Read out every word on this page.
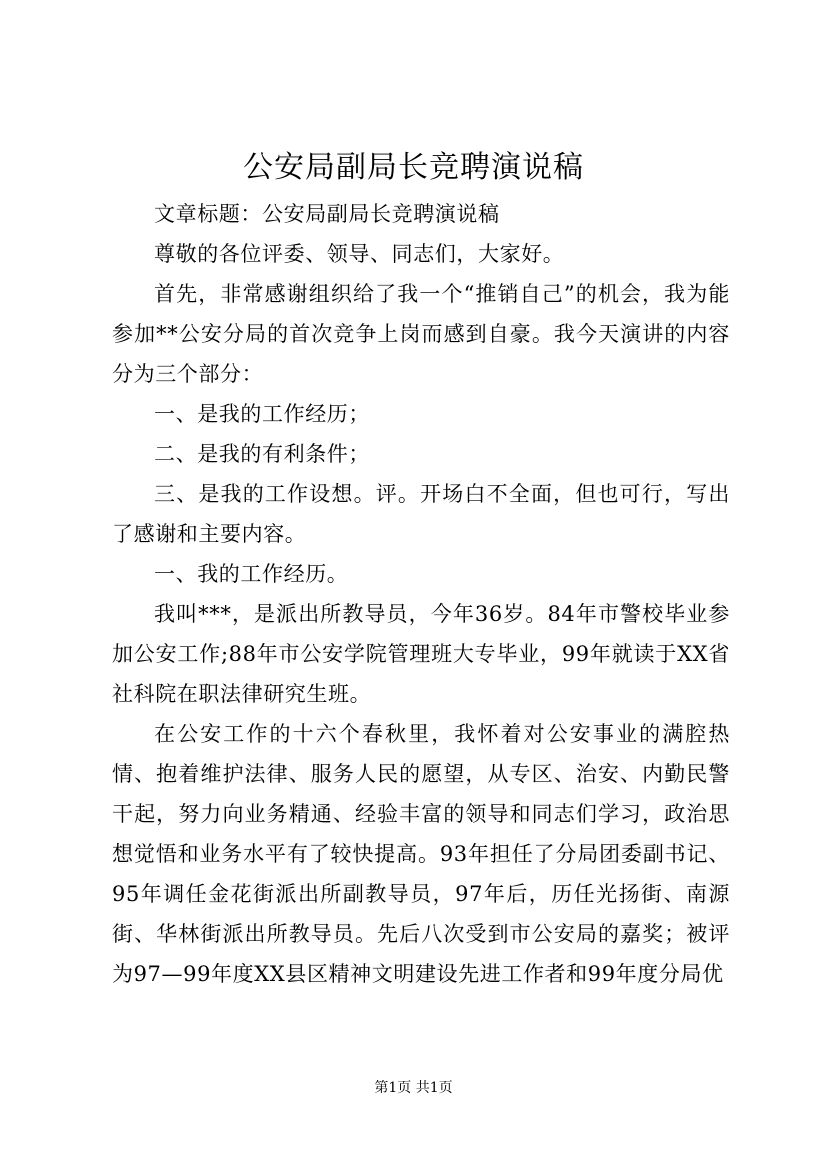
公安局副局长竞聘演说稿

文章标题：公安局副局长竞聘演说稿

尊敬的各位评委、领导、同志们，大家好。

首先，非常感谢组织给了我一个“推销自己”的机会，我为能参加**公安分局的首次竞争上岗而感到自豪。我今天演讲的内容分为三个部分：

一、是我的工作经历；

二、是我的有利条件；

三、是我的工作设想。评。开场白不全面，但也可行，写出了感谢和主要内容。

一、我的工作经历。

我叫***，是派出所教导员，今年36岁。84年市警校毕业参加公安工作;88年市公安学院管理班大专毕业，99年就读于XX省社科院在职法律研究生班。

在公安工作的十六个春秋里，我怀着对公安事业的满腔热情、抱着维护法律、服务人民的愿望，从专区、治安、内勤民警干起，努力向业务精通、经验丰富的领导和同志们学习，政治思想觉悟和业务水平有了较快提高。93年担任了分局团委副书记、95年调任金花街派出所副教导员，97年后，历任光扬街、南源街、华林街派出所教导员。先后八次受到市公安局的嘉奖；被评为97—99年度XX县区精神文明建设先进工作者和99年度分局优

第1页 共1页
